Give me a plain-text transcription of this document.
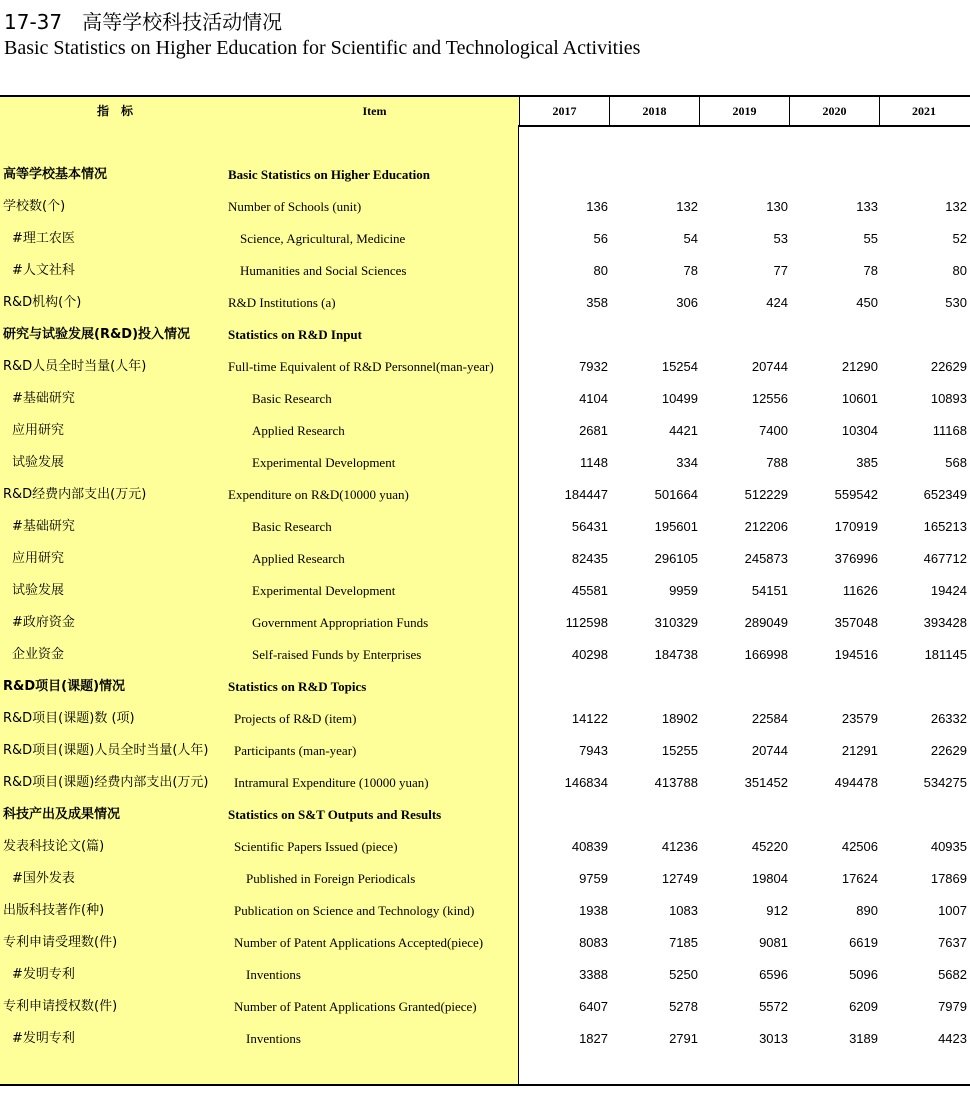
17-37　高等学校科技活动情况
Basic Statistics on Higher Education for Scientific and Technological Activities
指　标	Item	2017	2018	2019	2020	2021
高等学校基本情况	Basic Statistics on Higher Education
学校数(个)	Number of Schools (unit)	136	132	130	133	132
#理工农医	Science, Agricultural, Medicine	56	54	53	55	52
#人文社科	Humanities and Social Sciences	80	78	77	78	80
R&D机构(个)	R&D Institutions (a)	358	306	424	450	530
研究与试验发展(R&D)投入情况	Statistics on R&D Input
R&D人员全时当量(人年)	Full-time Equivalent of R&D Personnel(man-year)	7932	15254	20744	21290	22629
#基础研究	Basic Research	4104	10499	12556	10601	10893
应用研究	Applied Research	2681	4421	7400	10304	11168
试验发展	Experimental Development	1148	334	788	385	568
R&D经费内部支出(万元)	Expenditure on R&D(10000 yuan)	184447	501664	512229	559542	652349
#基础研究	Basic Research	56431	195601	212206	170919	165213
应用研究	Applied Research	82435	296105	245873	376996	467712
试验发展	Experimental Development	45581	9959	54151	11626	19424
#政府资金	Government Appropriation Funds	112598	310329	289049	357048	393428
企业资金	Self-raised Funds by Enterprises	40298	184738	166998	194516	181145
R&D项目(课题)情况	Statistics on R&D Topics
R&D项目(课题)数 (项)	Projects of R&D (item)	14122	18902	22584	23579	26332
R&D项目(课题)人员全时当量(人年) Participants (man-year)	7943	15255	20744	21291	22629
R&D项目(课题)经费内部支出(万元) Intramural Expenditure (10000 yuan)	146834	413788	351452	494478	534275
科技产出及成果情况	Statistics on S&T Outputs and Results
发表科技论文(篇)	Scientific Papers Issued (piece)	40839	41236	45220	42506	40935
#国外发表	Published in Foreign Periodicals	9759	12749	19804	17624	17869
出版科技著作(种)	Publication on Science and Technology (kind)	1938	1083	912	890	1007
专利申请受理数(件)	Number of Patent Applications Accepted(piece)	8083	7185	9081	6619	7637
#发明专利	Inventions	3388	5250	6596	5096	5682
专利申请授权数(件)	Number of Patent Applications Granted(piece)	6407	5278	5572	6209	7979
#发明专利	Inventions	1827	2791	3013	3189	4423
